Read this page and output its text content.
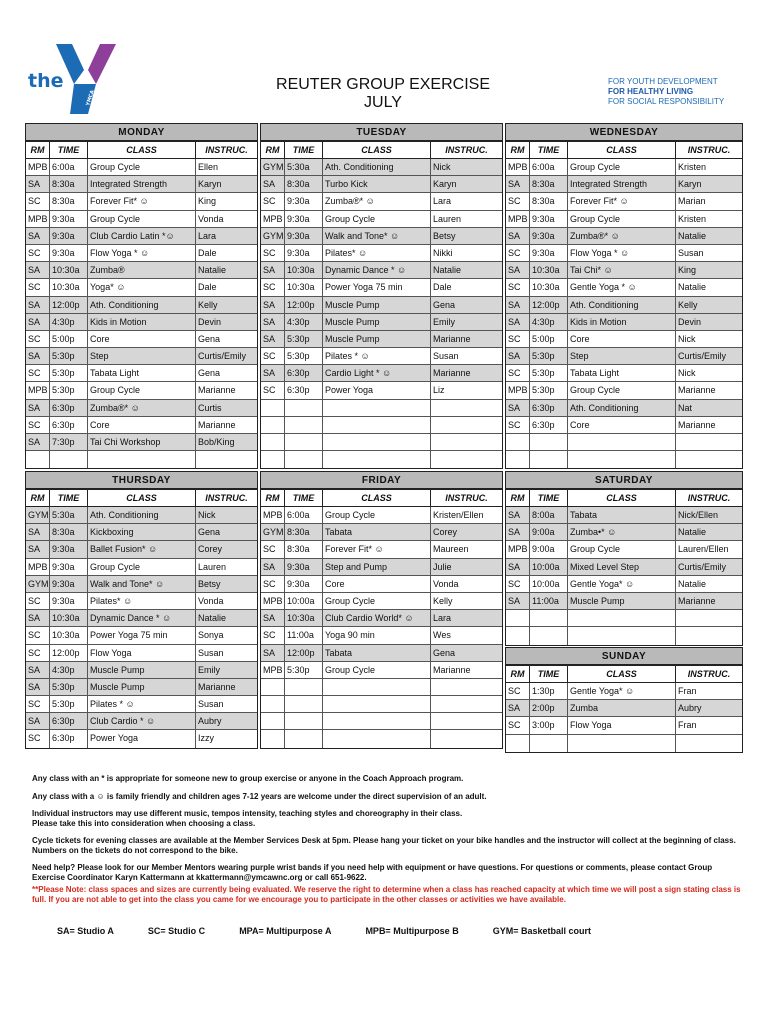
the
YMCA
REUTER GROUP EXERCISE
JULY
FOR YOUTH DEVELOPMENT
FOR HEALTHY LIVING
FOR SOCIAL RESPONSIBILITY
MONDAY
RM	TIME	CLASS	INSTRUC.
MPB 6:00a	Group Cycle	Ellen
SA	8:30a	Integrated Strength	Karyn
SC	8:30a	Forever Fit* ☺	King
MPB 9:30a	Group Cycle	Vonda
SA	9:30a	Club Cardio Latin *☺	Lara
SC	9:30a	Flow Yoga * ☺	Dale
SA	10:30a	Zumba®	Natalie
SC	10:30a	Yoga* ☺	Dale
SA	12:00p	Ath. Conditioning	Kelly
SA	4:30p	Kids in Motion	Devin
SC	5:00p	Core	Gena
SA	5:30p	Step	Curtis/Emily
SC	5:30p	Tabata Light	Gena
MPB 5:30p	Group Cycle	Marianne
SA	6:30p	Zumba®* ☺	Curtis
SC	6:30p	Core	Marianne
SA	7:30p	Tai Chi Workshop	Bob/King
TUESDAY
RM	TIME	CLASS	INSTRUC.
GYM 5:30a	Ath. Conditioning	Nick
SA	8:30a	Turbo Kick	Karyn
SC	9:30a	Zumba®* ☺	Lara
MPB 9:30a	Group Cycle	Lauren
GYM 9:30a	Walk and Tone* ☺	Betsy
SC	9:30a	Pilates* ☺	Nikki
SA	10:30a	Dynamic Dance * ☺	Natalie
SC	10:30a	Power Yoga 75 min	Dale
SA	12:00p	Muscle Pump	Gena
SA	4:30p	Muscle Pump	Emily
SA	5:30p	Muscle Pump	Marianne
SC	5:30p	Pilates * ☺	Susan
SA	6:30p	Cardio Light * ☺	Marianne
SC	6:30p	Power Yoga	Liz
WEDNESDAY
RM	TIME	CLASS	INSTRUC.
MPB 6:00a	Group Cycle	Kristen
SA	8:30a	Integrated Strength	Karyn
SC	8:30a	Forever Fit* ☺	Marian
MPB 9:30a	Group Cycle	Kristen
SA	9:30a	Zumba®* ☺	Natalie
SC	9:30a	Flow Yoga * ☺	Susan
SA	10:30a	Tai Chi* ☺	King
SC	10:30a	Gentle Yoga * ☺	Natalie
SA	12:00p	Ath. Conditioning	Kelly
SA	4:30p	Kids in Motion	Devin
SC	5:00p	Core	Nick
SA	5:30p	Step	Curtis/Emily
SC	5:30p	Tabata Light	Nick
MPB 5:30p	Group Cycle	Marianne
SA	6:30p	Ath. Conditioning	Nat
SC	6:30p	Core	Marianne
THURSDAY
RM	TIME	CLASS	INSTRUC.
GYM 5:30a	Ath. Conditioning	Nick
SA	8:30a	Kickboxing	Gena
SA	9:30a	Ballet Fusion* ☺	Corey
MPB 9:30a	Group Cycle	Lauren
GYM 9:30a	Walk and Tone* ☺	Betsy
SC	9:30a	Pilates* ☺	Vonda
SA	10:30a	Dynamic Dance * ☺	Natalie
SC	10:30a	Power Yoga 75 min	Sonya
SC	12:00p	Flow Yoga	Susan
SA	4:30p	Muscle Pump	Emily
SA	5:30p	Muscle Pump	Marianne
SC	5:30p	Pilates * ☺	Susan
SA	6:30p	Club Cardio * ☺	Aubry
SC	6:30p	Power Yoga	Izzy
FRIDAY
RM	TIME	CLASS	INSTRUC.
MPB 6:00a	Group Cycle	Kristen/Ellen
GYM 8:30a	Tabata	Corey
SC	8:30a	Forever Fit* ☺	Maureen
SA	9:30a	Step and Pump	Julie
SC	9:30a	Core	Vonda
MPB 10:00a	Group Cycle	Kelly
SA	10:30a	Club Cardio World* ☺	Lara
SC	11:00a	Yoga 90 min	Wes
SA	12:00p	Tabata	Gena
MPB 5:30p	Group Cycle	Marianne
SATURDAY
RM	TIME	CLASS	INSTRUC.
SA	8:00a	Tabata	Nick/Ellen
SA	9:00a	Zumba•* ☺	Natalie
MPB 9:00a	Group Cycle	Lauren/Ellen
SA	10:00a	Mixed Level Step	Curtis/Emily
SC	10:00a	Gentle Yoga* ☺	Natalie
SA	11:00a	Muscle Pump	Marianne
SUNDAY
RM	TIME	CLASS	INSTRUC.
SC	1:30p	Gentle Yoga* ☺	Fran
SA	2:00p	Zumba	Aubry
SC	3:00p	Flow Yoga	Fran

Any class with an * is appropriate for someone new to group exercise or anyone in the Coach Approach program.

Any class with a ☺ is family friendly and children ages 7-12 years are welcome under the direct supervision of an adult.

Individual instructors may use different music, tempos intensity, teaching styles and choreography in their class.
Please take this into consideration when choosing a class.

Cycle tickets for evening classes are available at the Member Services Desk at 5pm. Please hang your ticket on your bike handles and the instructor will collect at the beginning of class. Numbers on the tickets do not correspond to the bike.

Need help? Please look for our Member Mentors wearing purple wrist bands if you need help with equipment or have questions. For questions or comments, please contact Group Exercise Coordinator Karyn Kattermann at kkattermann@ymcawnc.org or call 651-9622.

**Please Note: class spaces and sizes are currently being evaluated. We reserve the right to determine when a class has reached capacity at which time we will post a sign stating class is full. If you are not able to get into the class you came for we encourage you to participate in the other classes or activities we have available.

SA= Studio A	SC= Studio C	MPA= Multipurpose A	MPB= Multipurpose B	GYM= Basketball court
